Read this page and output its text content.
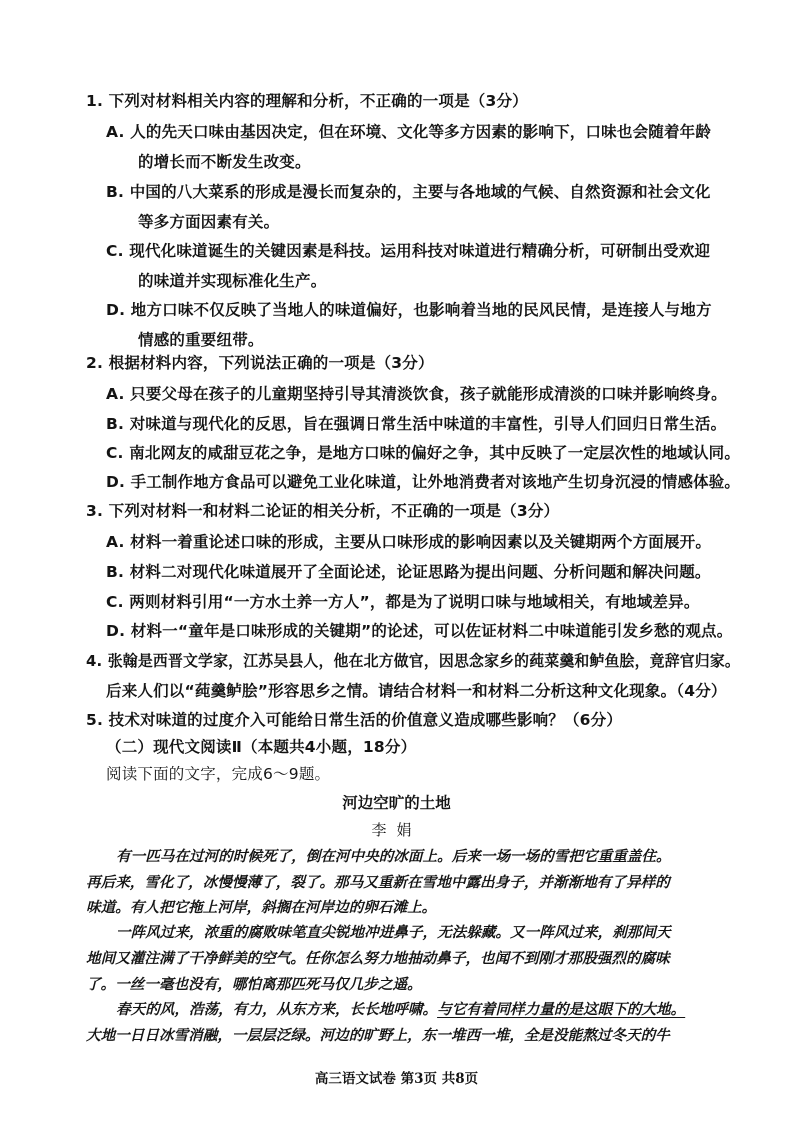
1. 下列对材料相关内容的理解和分析，不正确的一项是（3分）
A. 人的先天口味由基因决定，但在环境、文化等多方因素的影响下，口味也会随着年龄
的增长而不断发生改变。
B. 中国的八大菜系的形成是漫长而复杂的，主要与各地域的气候、自然资源和社会文化
等多方面因素有关。
C. 现代化味道诞生的关键因素是科技。运用科技对味道进行精确分析，可研制出受欢迎
的味道并实现标准化生产。
D. 地方口味不仅反映了当地人的味道偏好，也影响着当地的民风民情，是连接人与地方
情感的重要纽带。
2. 根据材料内容，下列说法正确的一项是（3分）
A. 只要父母在孩子的儿童期坚持引导其清淡饮食，孩子就能形成清淡的口味并影响终身。
B. 对味道与现代化的反思，旨在强调日常生活中味道的丰富性，引导人们回归日常生活。
C. 南北网友的咸甜豆花之争，是地方口味的偏好之争，其中反映了一定层次性的地域认同。
D. 手工制作地方食品可以避免工业化味道，让外地消费者对该地产生切身沉浸的情感体验。
3. 下列对材料一和材料二论证的相关分析，不正确的一项是（3分）
A. 材料一着重论述口味的形成，主要从口味形成的影响因素以及关键期两个方面展开。
B. 材料二对现代化味道展开了全面论述，论证思路为提出问题、分析问题和解决问题。
C. 两则材料引用“一方水土养一方人”，都是为了说明口味与地域相关，有地域差异。
D. 材料一“童年是口味形成的关键期”的论述，可以佐证材料二中味道能引发乡愁的观点。
4. 张翰是西晋文学家，江苏吴县人，他在北方做官，因思念家乡的莼菜羹和鲈鱼脍，竟辞官归家。
后来人们以“莼羹鲈脍”形容思乡之情。请结合材料一和材料二分析这种文化现象。（4分）
5. 技术对味道的过度介入可能给日常生活的价值意义造成哪些影响？（6分）
（二）现代文阅读Ⅱ（本题共4小题，18分）
阅读下面的文字，完成6～9题。
河边空旷的土地
李娟
有一匹马在过河的时候死了，倒在河中央的冰面上。后来一场一场的雪把它重重盖住。
再后来，雪化了，冰慢慢薄了，裂了。那马又重新在雪地中露出身子，并渐渐地有了异样的
味道。有人把它拖上河岸，斜搁在河岸边的卵石滩上。
一阵风过来，浓重的腐败味笔直尖锐地冲进鼻子，无法躲藏。又一阵风过来，刹那间天
地间又灌注满了干净鲜美的空气。任你怎么努力地抽动鼻子，也闻不到刚才那股强烈的腐味
了。一丝一毫也没有，哪怕离那匹死马仅几步之遥。
春天的风，浩荡，有力，从东方来，长长地呼啸。与它有着同样力量的是这眼下的大地。
大地一日日冰雪消融，一层层泛绿。河边的旷野上，东一堆西一堆，全是没能熬过冬天的牛
高三语文试卷 第3页 共8页
